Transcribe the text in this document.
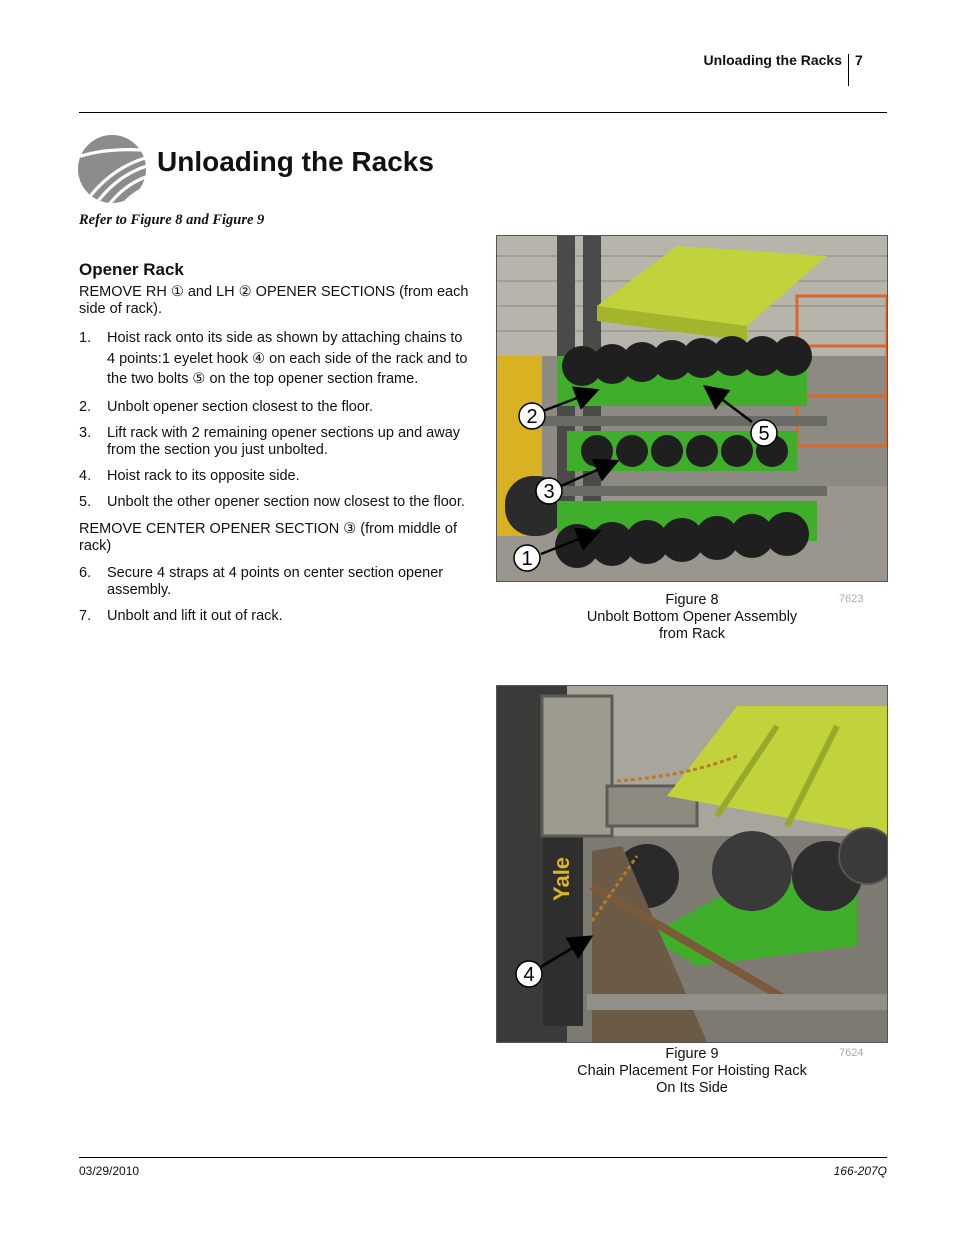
Unloading the Racks 7
Unloading the Racks
Refer to Figure 8 and Figure 9
Opener Rack

REMOVE RH ① and LH ② OPENER SECTIONS (from each side of rack).

1. Hoist rack onto its side as shown by attaching chains to 4 points:1 eyelet hook ④ on each side of the rack and to the two bolts ⑤ on the top opener section frame.
2. Unbolt opener section closest to the floor.
3. Lift rack with 2 remaining opener sections up and away from the section you just unbolted.
4. Hoist rack to its opposite side.
5. Unbolt the other opener section now closest to the floor.

REMOVE CENTER OPENER SECTION ③ (from middle of rack)

6. Secure 4 straps at 4 points on center section opener assembly.
7. Unbolt and lift it out of rack.
2
5
3
1
Figure 8
Unbolt Bottom Opener Assembly
from Rack
7623
Yale
4
Figure 9
Chain Placement For Hoisting Rack
On Its Side
7624
03/29/2010	166-207Q
